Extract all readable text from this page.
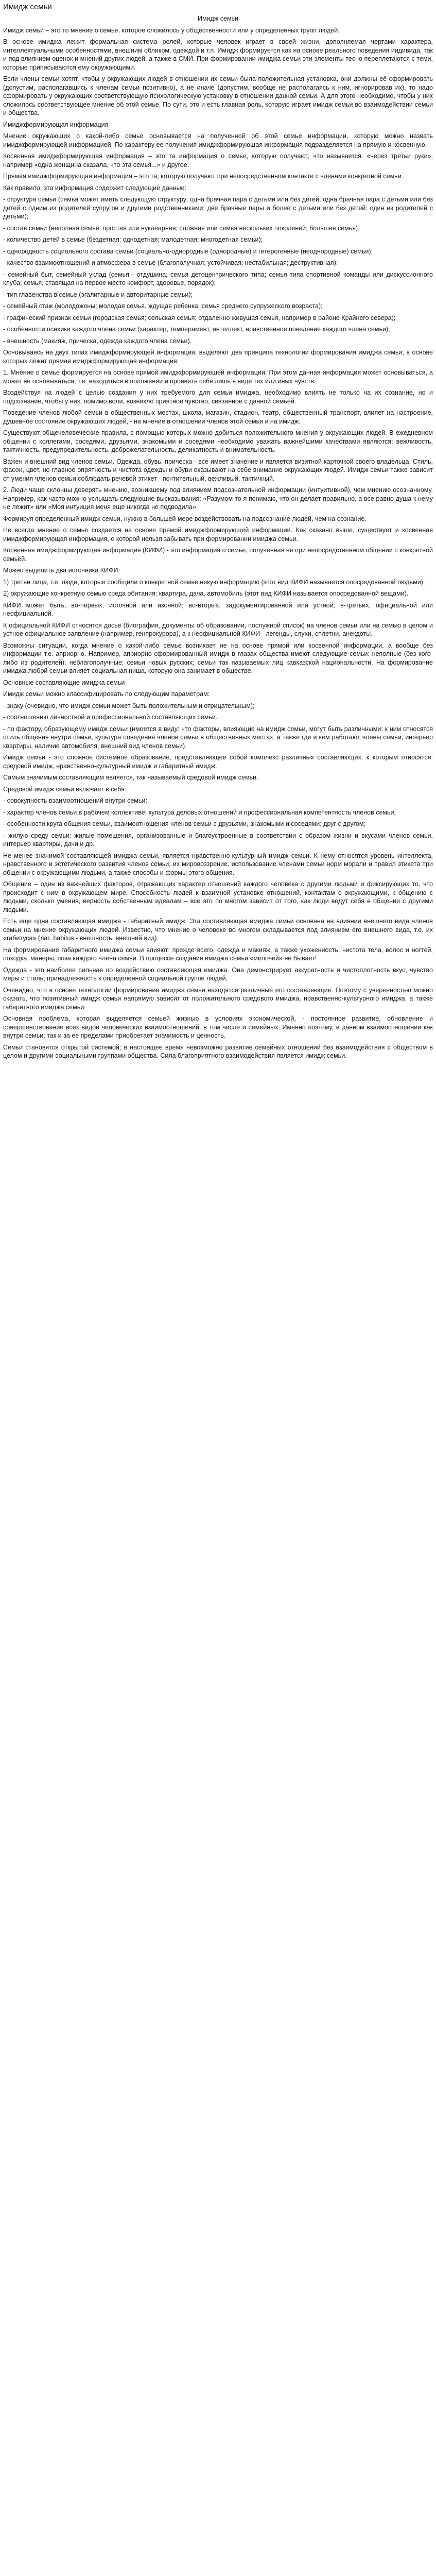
Имидж семьи
Имидж семьи
Имидж семьи – это то мнение о семье, которое сложилось у общественности или у определенных групп людей.
В основе имиджа лежит формальная система ролей, которые человек играет в своей жизни, дополняемая чертами характера, интеллектуальными особенностями, внешним обликом, одеждой и т.п. Имидж формируется как на основе реального поведения индивида, так и под влиянием оценок и мнений других людей, а также в СМИ. При формировании имиджа семьи эти элементы тесно переплетаются с теми, которые приписываются ему окружающими.
Если члены семьи хотят, чтобы у окружающих людей в отношении их семьи была положительная установка, они должны её сформировать (допустим, располагавшись к членам семьи позитивно), а не иначе (допустим, вообще не располагаясь к ним, игнорировав их), то надо сформировать у окружающих соответствующую психологическую установку в отношении данной семьи. А для этого необходимо, чтобы у них сложилось соответствующее мнение об этой семье. По сути, это и есть главная роль, которую играет имидж семьи во взаимодействии семьи и общества.
Имиджформирующая информация
Мнение окружающих о какой-либо семье основывается на полученной об этой семье информации, которую можно назвать имиджформирующей информацией. По характеру ее получения имиджформирующая информация подразделяется на прямую и косвенную.
Косвенная имиджформирующая информация – это та информация о семье, которую получают, что называется, «через третьи руки», например «одна женщина сказала, что эта семья...» и другое.
Прямая имиджформирующая информация – это та, которую получают при непосредственном контакте с членами конкретной семьи.
Как правило, эта информация содержит следующие данные:
- структура семьи (семья может иметь следующую структуру: одна брачная пара с детьми или без детей; одна брачная пара с детьми или без детей с одним из родителей супругов и другими родственниками; две брачные пары и более с детьми или без детей; один из родителей с детьми);
- состав семьи (неполная семья; простая или нуклеарная; сложная или семья нескольких поколений; большая семья);
- количество детей в семье (бездетная; однодетная; малодетная; многодетная семьи);
- однородность социального состава семьи (социально-однородные (однородные) и гетерогенные (неоднородные) семьи);
- качество взаимоотношений и атмосфера в семье (благополучная; устойчивая; нестабильная; деструктивная);
- семейный быт, семейный уклад (семья - отдушина; семья детоцентрического типа; семья типа спортивной команды или дискуссионного клуба; семья, ставящая на первое место комфорт, здоровье, порядок);
- тип главенства в семье (эгалитарные и авторитарные семьи);
- семейный стаж (молодожены; молодая семья, ждущая ребенка; семья среднего супружеского возраста);
- графический признак семьи (городская семья; сельская семья; отдаленно живущая семья, например в районе Крайнего севера);
- особенности психики каждого члена семьи (характер, темперамент, интеллект, нравственное поведение каждого члена семьи);
- внешность (макияж, прическа, одежда каждого члена семьи).
Основываясь на двух типах имиджформирующей информации, выделяют два принципа технологии формирования имиджа семьи, в основе которых лежит прямая имиджформирующая информация.
1. Мнение о семье формируется на основе прямой имиджформирующей информации. При этом данная информация может основываться, а может не основываться, т.е. находиться в положении и проявить себя лишь в виде тех или иных чувств.
Воздействуя на людей с целью создания у них требуемого для семьи имиджа, необходимо влиять не только на их сознание, но и подсознание, чтобы у них, помимо воли, возникло приятное чувство, связанное с данной семьёй.
Поведение членов любой семьи в общественных местах, школа, магазин, стадион, театр, общественный транспорт, влияет на настроение, душевное состояние окружающих людей, - на мнение в отношении членов этой семьи и на имидж.
Существуют общечеловеческие правила, с помощью которых можно добиться положительного мнения у окружающих людей. В ежедневном общении с коллегами, соседями, друзьями, знакомыми и соседями необходимо уважать важнейшими качествами являются: вежливость, тактичность, предупредительность, доброжелательность, деликатность и внимательность.
Важен и внешний вид членов семьи. Одежда, обувь, прическа - все имеет значение и является визитной карточкой своего владельца. Стиль, фасон, цвет, но главное опрятность и чистота одежды и обуви оказывают на себе внимание окружающих людей. Имидж семьи также зависит от умения членов семьи соблюдать речевой этикет - почтительный, вежливый, тактичный.
2. Люди чаще склонны доверять мнению, возникшему под влиянием подсознательной информации (интуитивной), чем мнению осознанному. Например, как часто можно услышать следующие высказывания: «Разумом-то я понимаю, что он делает правильно, а все равно душа к нему не лежит» или «Моя интуиция меня еще никогда не подводила».
Формируя определенный имидж семьи, нужно в большей мере воздействовать на подсознание людей, чем на сознание.
Не всегда мнение о семье создается на основе прямой имиджформирующей информации. Как сказано выше, существует и косвенная имиджформирующая информация, о которой нельзя забывать при формировании имиджа семьи.
Косвенная имиджформирующая информация (КИФИ) - это информация о семье, полученная не при непосредственном общении с конкретной семьёй.
Можно выделить два источника КИФИ:
1) третьи лица, т.е. люди, которые сообщили о конкретной семье некую информацию (этот вид КИФИ называется опосредованной людьми);
2) окружающие конкретную семью среда обитания: квартира, дача, автомобиль (этот вид КИФИ называется опосредованной вещами).
КИФИ может быть, во-первых, источной или изонной; во-вторых, задокументированной или устной; в-третьих, официальной или неофициальной.
К официальной КИФИ относятся досье (биография, документы об образовании, послужной список) на членов семьи или на семью в целом и устное официальное заявление (например, генпрокурора), а к неофициальной КИФИ - легенды, слухи, сплетни, анекдоты.
Возможны ситуации, когда мнение о какой-либо семье возникает не на основе прямой или косвенной информации, а вообще без информации т.е. априорно. Например, априорно сформированный имидж в глазах общества имеют следующие семьи: неполные (без кого-либо из родителей); неблагополучные; семьи новых русских; семьи так называемых лиц кавказской национальности. На формирование имиджа любой семьи влияет социальная ниша, которую она занимает в обществе.
Основные составляющие имиджа семьи
Имидж семьи можно классифицировать по следующим параметрам:
- знаку (очевидно, что имидж семьи может быть положительным и отрицательным);
- соотношению личностной и профессиональной составляющих семьи.
- по фактору, образующему имидж семьи (имеется в виду: что факторы, влияющие на имидж семьи, могут быть различными: к ним относятся стиль общения внутри семьи, культура поведения членов семьи в общественных местах, а также где и кем работают члены семьи, интерьер квартиры, наличие автомобиля, внешний вид членов семьи).
Имидж семьи - это сложное системное образование, представляющее собой комплекс различных составляющих, к которым относятся: средовой имидж, нравственно-культурный имидж и габаритный имидж.
Самым значимым составляющим является, так называемый средовой имидж семьи.
Средовой имидж семьи включает в себя:
- совокупность взаимоотношений внутри семьи;
- характер членов семьи в рабочем коллективе: культура деловых отношений и профессиональная компетентность членов семьи;
- особенности круга общения семьи, взаимоотношения членов семьи с друзьями, знакомыми и соседями; друг с другом;
- жилую среду семьи: жилые помещения, организованные и благоустроенные в соответствии с образом жизни и вкусами членов семьи, интерьер квартиры, дачи и др.
Не менее значимой составляющей имиджа семьи, является нравственно-культурный имидж семьи. К нему относятся уровень интеллекта, нравственного и эстетического развития членов семьи, их мировоззрение, использование членами семьи норм морали и правил этикета при общении с окружающими людьми, а также способы и формы этого общения.
Общение – один из важнейших факторов, отражающих характер отношений каждого человека с другими людьми и фиксирующих то, что происходит с ним в окружающем мире. Способность людей к взаимной установке отношений, контактам с окружающими, к общению с людьми, сколько умения, верность собственным идеалам – все это по многом зависит от того, как люди ведут себя в общении с другими людьми.
Есть еще одна составляющая имиджа - габаритный имидж. Эта составляющая имиджа семьи основана на влиянии внешнего вида членов семьи на мнение окружающих людей. Известно, что мнение о человеке во многом складывается под влиянием его внешнего вида, т.е. их «габитуса» (лат. habitus - внешность, внешний вид).
На формирование габаритного имиджа семьи влияют: прежде всего, одежда и макияж, а также ухоженность, чистота тела, волос и ногтей, походка, манеры, поза каждого члена семьи. В процессе создания имиджа семьи «мелочей» не бывает!
Одежда - это наиболее сильная по воздействию составляющая имиджа. Она демонстрирует аккуратность и чистоплотность вкус, чувство меры и стиль; принадлежность к определенной социальной группе людей.
Очевидно, что в основе технологии формирования имиджа семьи находятся различные его составляющие. Поэтому с уверенностью можно сказать, что позитивный имидж семьи напрямую зависит от положительного средового имиджа, нравственно-культурного имиджа, а также габаритного имиджа семьи.
Основная проблема, которая выделяется семьей жизнью в условиях экономической, - постоянное развитие, обновление и совершенствование всех видов человеческих взаимоотношений, в том числе и семейных. Именно поэтому, в данном взаимоотношении как внутри семьи, так и за ее пределами приобретает значимость и ценность.
Семьи становятся открытой системой; в настоящее время невозможно развитие семейных отношений без взаимодействия с обществом в целом и другими социальными группами общества. Сила благоприятного взаимодействия является имидж семьи.
